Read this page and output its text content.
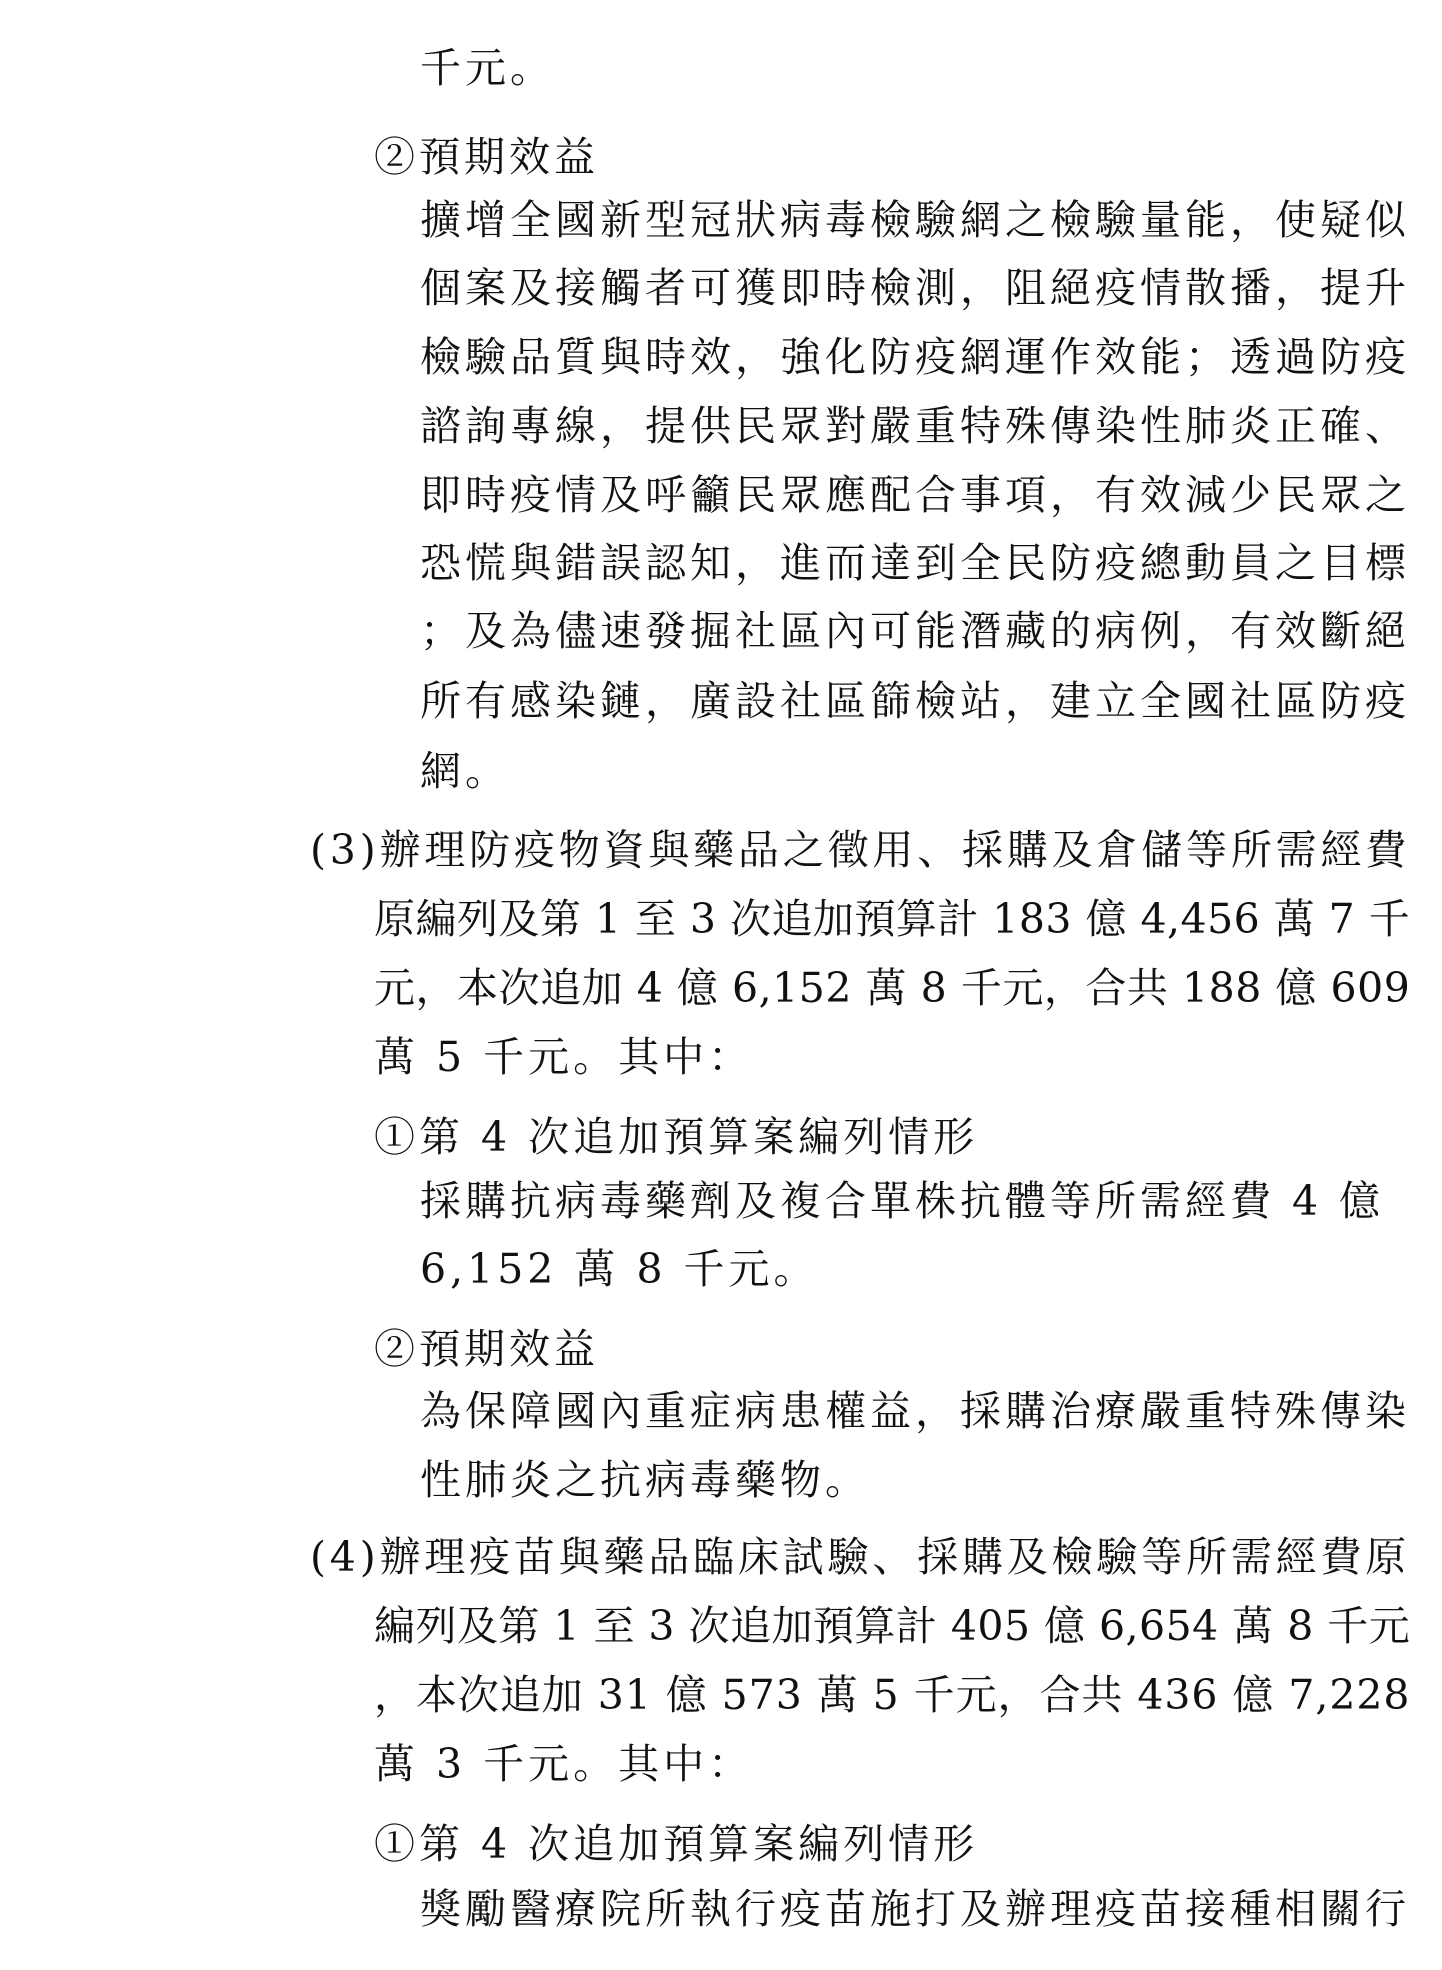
千元。
②預期效益
擴增全國新型冠狀病毒檢驗網之檢驗量能，使疑似
個案及接觸者可獲即時檢測，阻絕疫情散播，提升
檢驗品質與時效，強化防疫網運作效能；透過防疫
諮詢專線，提供民眾對嚴重特殊傳染性肺炎正確、
即時疫情及呼籲民眾應配合事項，有效減少民眾之
恐慌與錯誤認知，進而達到全民防疫總動員之目標
；及為儘速發掘社區內可能潛藏的病例，有效斷絕
所有感染鏈，廣設社區篩檢站，建立全國社區防疫
網。
(3)辦理防疫物資與藥品之徵用、採購及倉儲等所需經費
原編列及第 1 至 3 次追加預算計 183 億 4,456 萬 7 千
元，本次追加 4 億 6,152 萬 8 千元，合共 188 億 609
萬 5 千元。其中：
①第 4 次追加預算案編列情形
採購抗病毒藥劑及複合單株抗體等所需經費 4 億
6,152 萬 8 千元。
②預期效益
為保障國內重症病患權益，採購治療嚴重特殊傳染
性肺炎之抗病毒藥物。
(4)辦理疫苗與藥品臨床試驗、採購及檢驗等所需經費原
編列及第 1 至 3 次追加預算計 405 億 6,654 萬 8 千元
，本次追加 31 億 573 萬 5 千元，合共 436 億 7,228
萬 3 千元。其中：
①第 4 次追加預算案編列情形
獎勵醫療院所執行疫苗施打及辦理疫苗接種相關行
